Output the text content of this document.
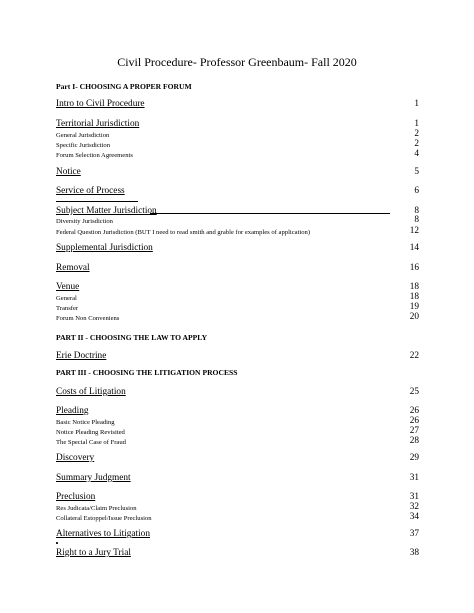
Civil Procedure- Professor Greenbaum- Fall 2020
Part I- CHOOSING A PROPER FORUM
Intro to Civil Procedure	1
Territorial Jurisdiction	1
General Jurisdiction	2
Specific Jurisdiction	2
Forum Selection Agreements	4
Notice	5
Service of Process	6
Subject Matter Jurisdiction	8
Diversity Jurisdiction	8
Federal Question Jurisdiction (BUT I need to read smith and grable for examples of application)	12
Supplemental Jurisdiction	14
Removal	16
Venue	18
General	18
Transfer	19
Forum Non Conveniens	20
PART II - CHOOSING THE LAW TO APPLY
Erie Doctrine	22
PART III - CHOOSING THE LITIGATION PROCESS
Costs of Litigation	25
Pleading	26
Basic Notice Pleading	26
Notice Pleading Revisited	27
The Special Case of Fraud	28
Discovery	29
Summary Judgment	31
Preclusion	31
Res Judicata/Claim Preclusion	32
Collateral Estoppel/Issue Preclusion	34
Alternatives to Litigation	37
Right to a Jury Trial	38
